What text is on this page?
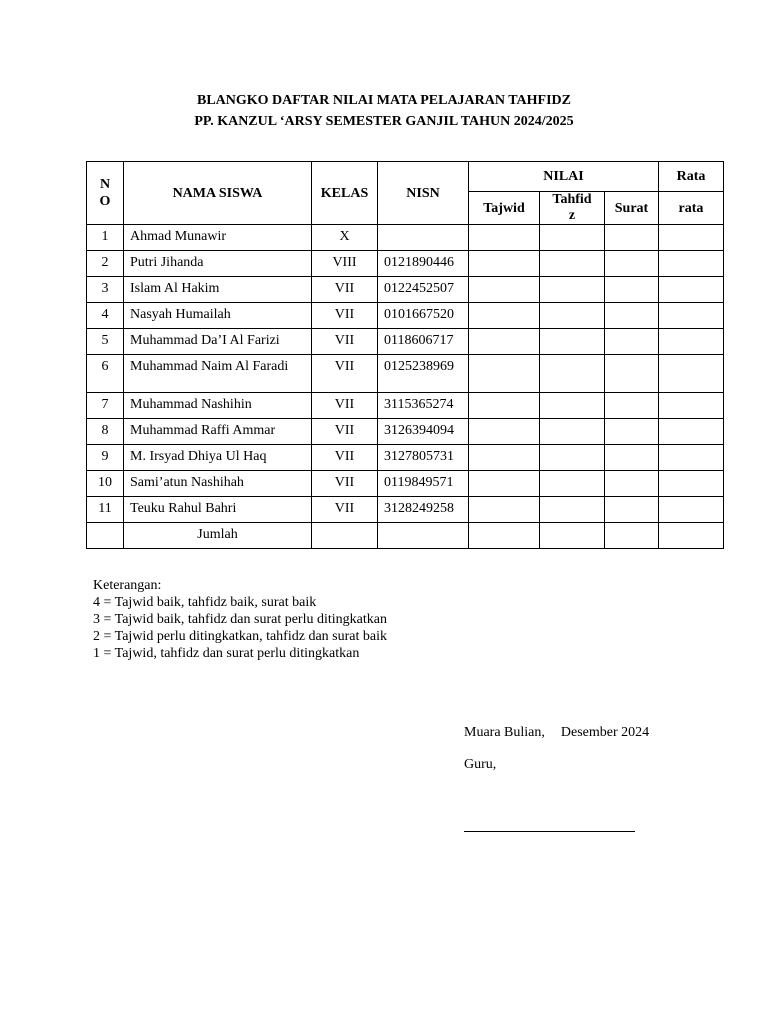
BLANGKO DAFTAR NILAI MATA PELAJARAN TAHFIDZ
PP. KANZUL ‘ARSY SEMESTER GANJIL TAHUN 2024/2025
N O	NAMA SISWA	KELAS	NISN	NILAI			Rata
				Tajwid	Tahfid z	Surat	rata
1	Ahmad Munawir	X					
2	Putri Jihanda	VIII	0121890446				
3	Islam Al Hakim	VII	0122452507				
4	Nasyah Humailah	VII	0101667520				
5	Muhammad Da’I Al Farizi	VII	0118606717				
6	Muhammad Naim Al Faradi	VII	0125238969				
7	Muhammad Nashihin	VII	3115365274				
8	Muhammad Raffi Ammar	VII	3126394094				
9	M. Irsyad Dhiya Ul Haq	VII	3127805731				
10	Sami’atun Nashihah	VII	0119849571				
11	Teuku Rahul Bahri	VII	3128249258				
	Jumlah						
Keterangan:
4 = Tajwid baik, tahfidz baik, surat baik
3 = Tajwid baik, tahfidz dan surat perlu ditingkatkan
2 = Tajwid perlu ditingkatkan, tahfidz dan surat baik
1 = Tajwid, tahfidz dan surat perlu ditingkatkan
Muara Bulian, Desember 2024
Guru,
